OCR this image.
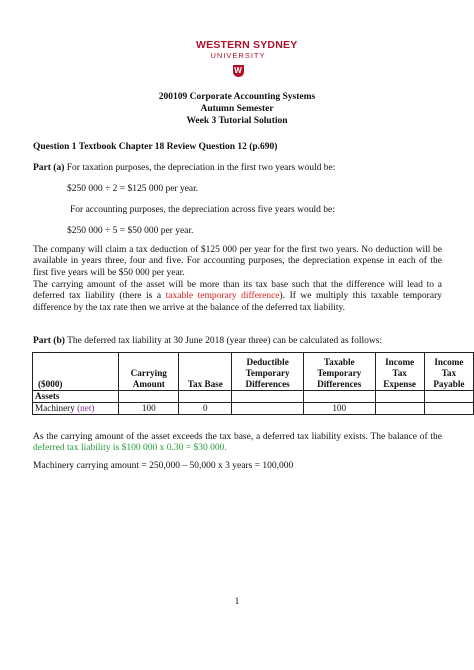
WESTERN SYDNEY
UNIVERSITY
W
200109 Corporate Accounting Systems
Autumn Semester
Week 3 Tutorial Solution
Question 1 Textbook Chapter 18 Review Question 12 (p.690)
Part (a) For taxation purposes, the depreciation in the first two years would be:
$250 000 ÷ 2 = $125 000 per year.
For accounting purposes, the depreciation across five years would be:
$250 000 ÷ 5 = $50 000 per year.
The company will claim a tax deduction of $125 000 per year for the first two years. No deduction will be available in years three, four and five. For accounting purposes, the depreciation expense in each of the first five years will be $50 000 per year.
The carrying amount of the asset will be more than its tax base such that the difference will lead to a deferred tax liability (there is a taxable temporary difference). If we multiply this taxable temporary difference by the tax rate then we arrive at the balance of the deferred tax liability.
Part (b) The deferred tax liability at 30 June 2018 (year three) can be calculated as follows:
($000)	Carrying Amount	Tax Base	Deductible Temporary Differences	Taxable Temporary Differences	Income Tax Expense	Income Tax Payable
Assets						
Machinery (net)	100	0		100		
As the carrying amount of the asset exceeds the tax base, a deferred tax liability exists. The balance of the deferred tax liability is $100 000 x 0.30 = $30 000.
Machinery carrying amount = 250,000 – 50,000 x 3 years = 100,000
1
